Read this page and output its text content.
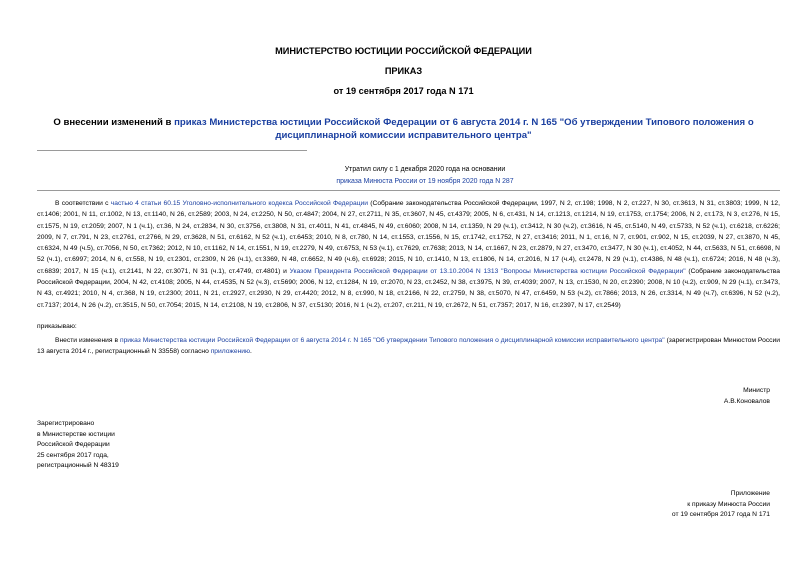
МИНИСТЕРСТВО ЮСТИЦИИ РОССИЙСКОЙ ФЕДЕРАЦИИ
ПРИКАЗ
от 19 сентября 2017 года N 171
О внесении изменений в приказ Министерства юстиции Российской Федерации от 6 августа 2014 г. N 165 "Об утверждении Типового положения о дисциплинарной комиссии исправительного центра"
Утратил силу с 1 декабря 2020 года на основании
приказа Минюста России от 19 ноября 2020 года N 287

В соответствии с частью 4 статьи 60.15 Уголовно-исполнительного кодекса Российской Федерации (Собрание законодательства Российской Федерации, 1997, N 2, ст.198; 1998, N 2, ст.227, N 30, ст.3613, N 31, ст.3803; 1999, N 12, ст.1406; 2001, N 11, ст.1002, N 13, ст.1140, N 26, ст.2589; 2003, N 24, ст.2250, N 50, ст.4847; 2004, N 27, ст.2711, N 35, ст.3607, N 45, ст.4379; 2005, N 6, ст.431, N 14, ст.1213, ст.1214, N 19, ст.1753, ст.1754; 2006, N 2, ст.173, N 3, ст.276, N 15, ст.1575, N 19, ст.2059; 2007, N 1 (ч.1), ст.36, N 24, ст.2834, N 30, ст.3756, ст.3808, N 31, ст.4011, N 41, ст.4845, N 49, ст.6060; 2008, N 14, ст.1359, N 29 (ч.1), ст.3412, N 30 (ч.2), ст.3616, N 45, ст.5140, N 49, ст.5733, N 52 (ч.1), ст.6218, ст.6226; 2009, N 7, ст.791, N 23, ст.2761, ст.2766, N 29, ст.3628, N 51, ст.6162, N 52 (ч.1), ст.6453; 2010, N 8, ст.780, N 14, ст.1553, ст.1556, N 15, ст.1742, ст.1752, N 27, ст.3416; 2011, N 1, ст.16, N 7, ст.901, ст.902, N 15, ст.2039, N 27, ст.3870, N 45, ст.6324, N 49 (ч.5), ст.7056, N 50, ст.7362; 2012, N 10, ст.1162, N 14, ст.1551, N 19, ст.2279, N 49, ст.6753, N 53 (ч.1), ст.7629, ст.7638; 2013, N 14, ст.1667, N 23, ст.2879, N 27, ст.3470, ст.3477, N 30 (ч.1), ст.4052, N 44, ст.5633, N 51, ст.6698, N 52 (ч.1), ст.6997; 2014, N 6, ст.558, N 19, ст.2301, ст.2309, N 26 (ч.1), ст.3369, N 48, ст.6652, N 49 (ч.6), ст.6928; 2015, N 10, ст.1410, N 13, ст.1806, N 14, ст.2016, N 17 (ч.4), ст.2478, N 29 (ч.1), ст.4386, N 48 (ч.1), ст.6724; 2016, N 48 (ч.3), ст.6839; 2017, N 15 (ч.1), ст.2141, N 22, ст.3071, N 31 (ч.1), ст.4749, ст.4801) и Указом Президента Российской Федерации от 13.10.2004 N 1313 "Вопросы Министерства юстиции Российской Федерации" (Собрание законодательства Российской Федерации, 2004, N 42, ст.4108; 2005, N 44, ст.4535, N 52 (ч.3), ст.5690; 2006, N 12, ст.1284, N 19, ст.2070, N 23, ст.2452, N 38, ст.3975, N 39, ст.4039; 2007, N 13, ст.1530, N 20, ст.2390; 2008, N 10 (ч.2), ст.909, N 29 (ч.1), ст.3473, N 43, ст.4921; 2010, N 4, ст.368, N 19, ст.2300; 2011, N 21, ст.2927, ст.2930, N 29, ст.4420; 2012, N 8, ст.990, N 18, ст.2166, N 22, ст.2759, N 38, ст.5070, N 47, ст.6459, N 53 (ч.2), ст.7866; 2013, N 26, ст.3314, N 49 (ч.7), ст.6396, N 52 (ч.2), ст.7137; 2014, N 26 (ч.2), ст.3515, N 50, ст.7054; 2015, N 14, ст.2108, N 19, ст.2806, N 37, ст.5130; 2016, N 1 (ч.2), ст.207, ст.211, N 19, ст.2672, N 51, ст.7357; 2017, N 16, ст.2397, N 17, ст.2549)

приказываю:

Внести изменения в приказ Министерства юстиции Российской Федерации от 6 августа 2014 г. N 165 "Об утверждении Типового положения о дисциплинарной комиссии исправительного центра" (зарегистрирован Минюстом России 13 августа 2014 г., регистрационный N 33558) согласно приложению.

Министр
А.В.Коновалов
Зарегистрировано
в Министерстве юстиции
Российской Федерации
25 сентября 2017 года,
регистрационный N 48319
Приложение
к приказу Минюста России
от 19 сентября 2017 года N 171
